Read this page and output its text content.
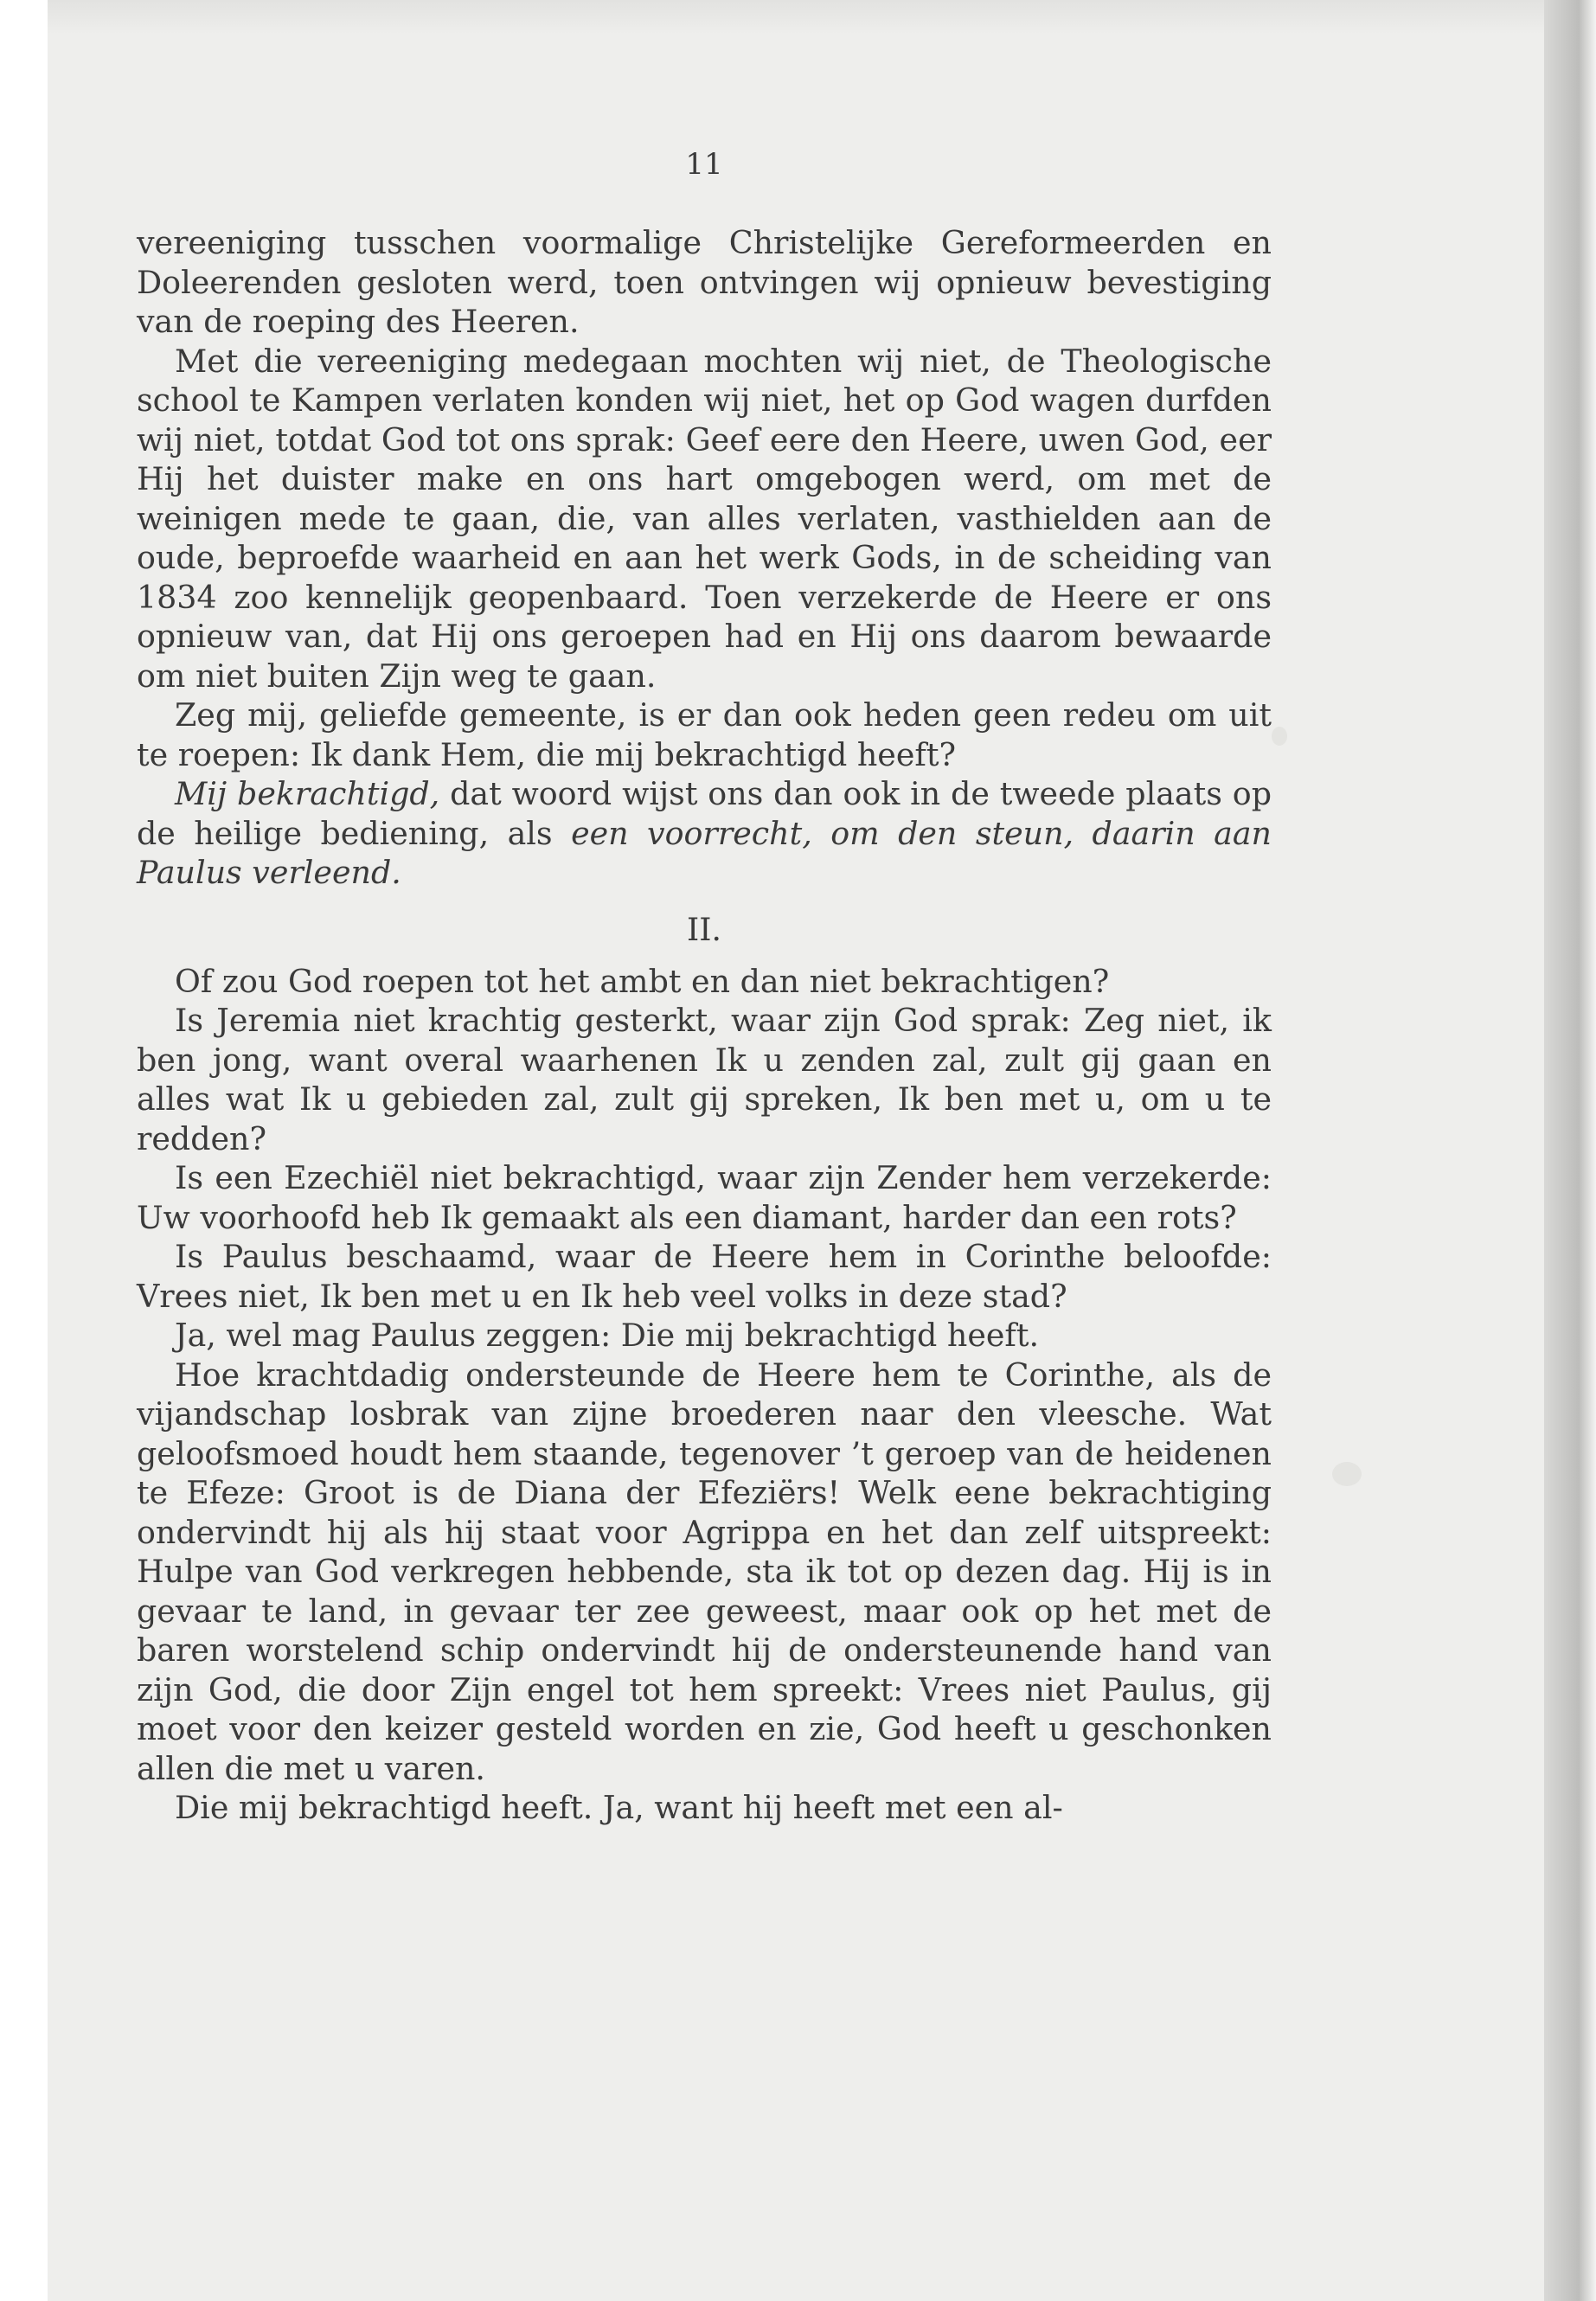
11

vereeniging tusschen voormalige Christelijke Gereformeerden en Doleerenden gesloten werd, toen ontvingen wij opnieuw bevestiging van de roeping des Heeren.

Met die vereeniging medegaan mochten wij niet, de Theologische school te Kampen verlaten konden wij niet, het op God wagen durfden wij niet, totdat God tot ons sprak: Geef eere den Heere, uwen God, eer Hij het duister make en ons hart omgebogen werd, om met de weinigen mede te gaan, die, van alles verlaten, vasthielden aan de oude, beproefde waarheid en aan het werk Gods, in de scheiding van 1834 zoo kennelijk geopenbaard. Toen verzekerde de Heere er ons opnieuw van, dat Hij ons geroepen had en Hij ons daarom bewaarde om niet buiten Zijn weg te gaan.

Zeg mij, geliefde gemeente, is er dan ook heden geen redeu om uit te roepen: Ik dank Hem, die mij bekrachtigd heeft?

Mij bekrachtigd, dat woord wijst ons dan ook in de tweede plaats op de heilige bediening, als een voorrecht, om den steun, daarin aan Paulus verleend.

II.

Of zou God roepen tot het ambt en dan niet bekrachtigen?

Is Jeremia niet krachtig gesterkt, waar zijn God sprak: Zeg niet, ik ben jong, want overal waarhenen Ik u zenden zal, zult gij gaan en alles wat Ik u gebieden zal, zult gij spreken, Ik ben met u, om u te redden?

Is een Ezechiël niet bekrachtigd, waar zijn Zender hem verzekerde: Uw voorhoofd heb Ik gemaakt als een diamant, harder dan een rots?

Is Paulus beschaamd, waar de Heere hem in Corinthe beloofde: Vrees niet, Ik ben met u en Ik heb veel volks in deze stad?

Ja, wel mag Paulus zeggen: Die mij bekrachtigd heeft.

Hoe krachtdadig ondersteunde de Heere hem te Corinthe, als de vijandschap losbrak van zijne broederen naar den vleesche. Wat geloofsmoed houdt hem staande, tegenover ’t geroep van de heidenen te Efeze: Groot is de Diana der Efeziërs! Welk eene bekrachtiging ondervindt hij als hij staat voor Agrippa en het dan zelf uitspreekt: Hulpe van God verkregen hebbende, sta ik tot op dezen dag. Hij is in gevaar te land, in gevaar ter zee geweest, maar ook op het met de baren worstelend schip ondervindt hij de ondersteunende hand van zijn God, die door Zijn engel tot hem spreekt: Vrees niet Paulus, gij moet voor den keizer gesteld worden en zie, God heeft u geschonken allen die met u varen.

Die mij bekrachtigd heeft. Ja, want hij heeft met een al-
